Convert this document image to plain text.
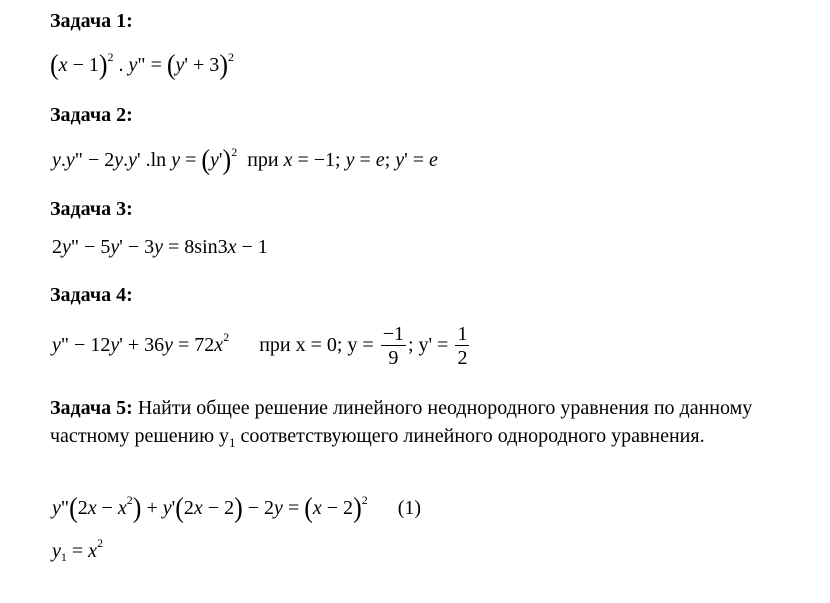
Задача 1:
$(x - 1)^2$ . y" = $(y' + 3)^2$
Задача 2:
y.y" − 2y.y' .ln $y = (y')^2$ при x = −1; y = e; y' = e
Задача 3:
2y" − 5y' − 3y = 8sin3x − 1
Задача 4:
y" − $12y' + 36y = 72x^2$ при x = 0; $y = \frac{-1}{9}$ ; $y' = \frac{1}{2}$
Задача 5: Найти общее решение линейного неоднородного уравнения по данному частному решению $y_1$ соответствующего линейного однородного уравнения.
y"(2x − $x^2) + y'(2x - 2) - 2y = (x - 2)^2$ (1)
$y_1 = x^2$
